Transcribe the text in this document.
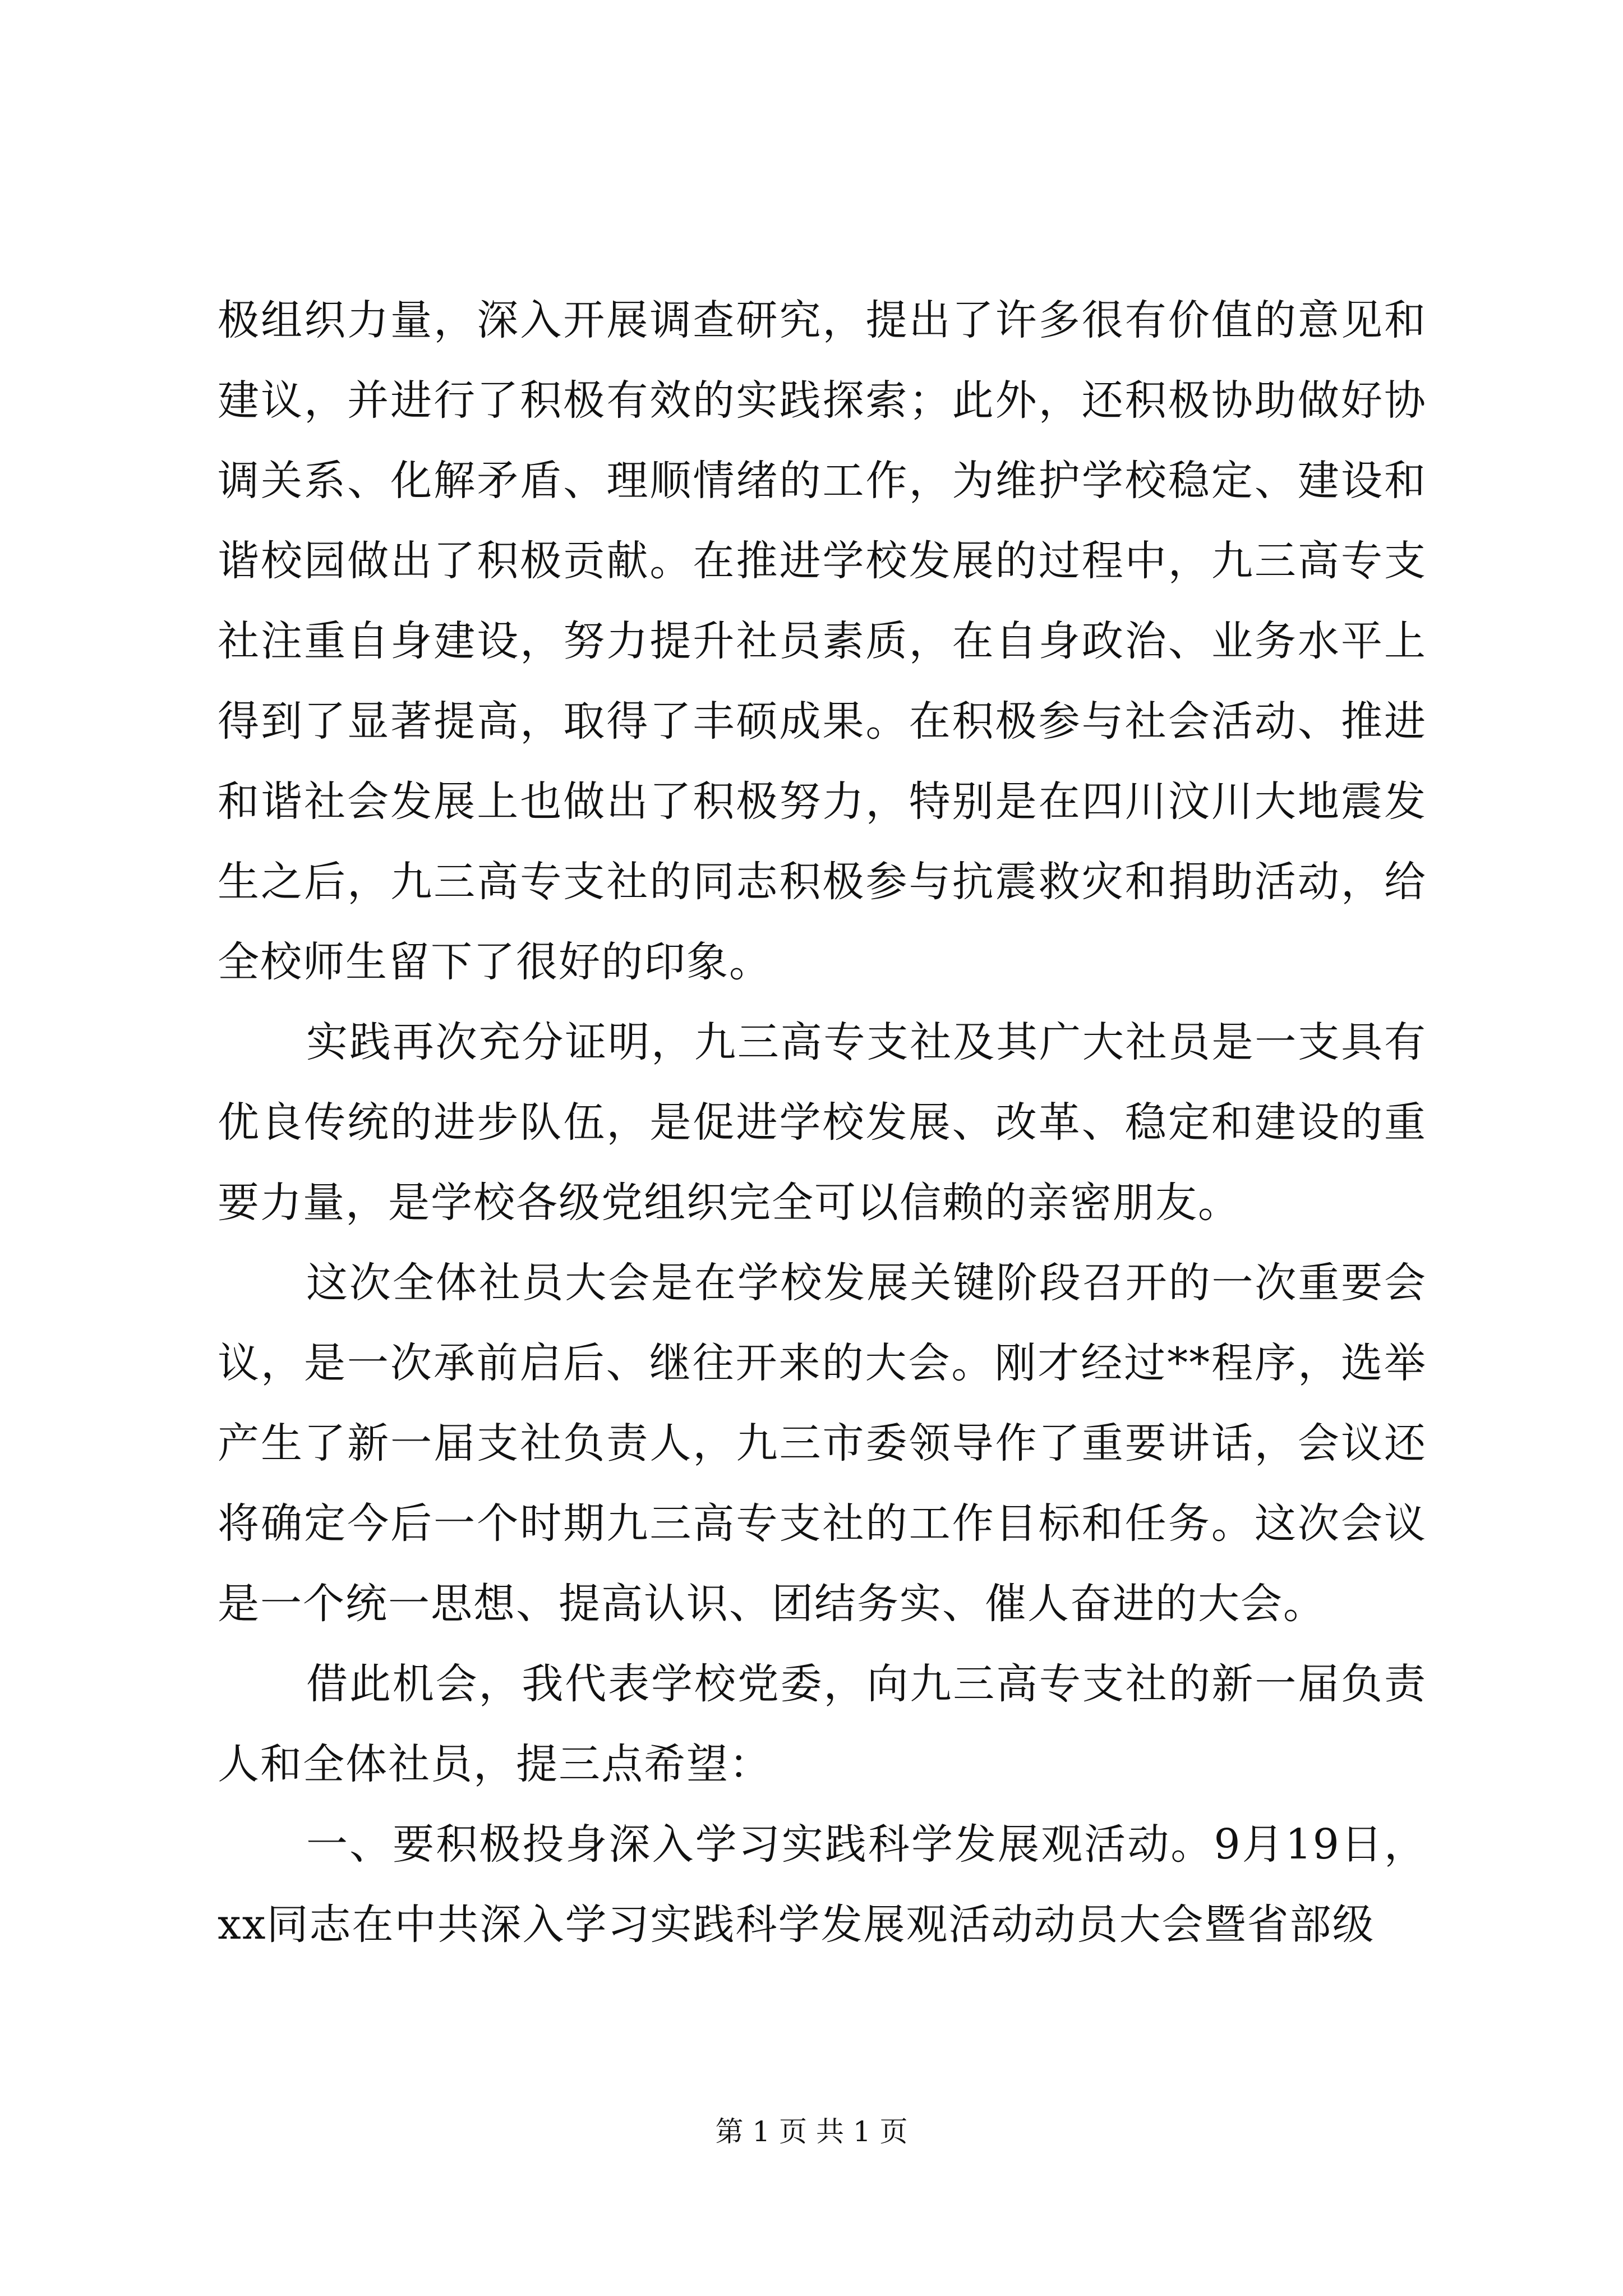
极组织力量，深入开展调查研究，提出了许多很有价值的意见和建议，并进行了积极有效的实践探索；此外，还积极协助做好协调关系、化解矛盾、理顺情绪的工作，为维护学校稳定、建设和谐校园做出了积极贡献。在推进学校发展的过程中，九三高专支社注重自身建设，努力提升社员素质，在自身政治、业务水平上得到了显著提高，取得了丰硕成果。在积极参与社会活动、推进和谐社会发展上也做出了积极努力，特别是在四川汶川大地震发生之后，九三高专支社的同志积极参与抗震救灾和捐助活动，给全校师生留下了很好的印象。

实践再次充分证明，九三高专支社及其广大社员是一支具有优良传统的进步队伍，是促进学校发展、改革、稳定和建设的重要力量，是学校各级党组织完全可以信赖的亲密朋友。

这次全体社员大会是在学校发展关键阶段召开的一次重要会议，是一次承前启后、继往开来的大会。刚才经过**程序，选举产生了新一届支社负责人，九三市委领导作了重要讲话，会议还将确定今后一个时期九三高专支社的工作目标和任务。这次会议是一个统一思想、提高认识、团结务实、催人奋进的大会。

借此机会，我代表学校党委，向九三高专支社的新一届负责人和全体社员，提三点希望：

一、要积极投身深入学习实践科学发展观活动。9月19日，xx同志在中共深入学习实践科学发展观活动动员大会暨省部级

第 1 页 共 1 页
